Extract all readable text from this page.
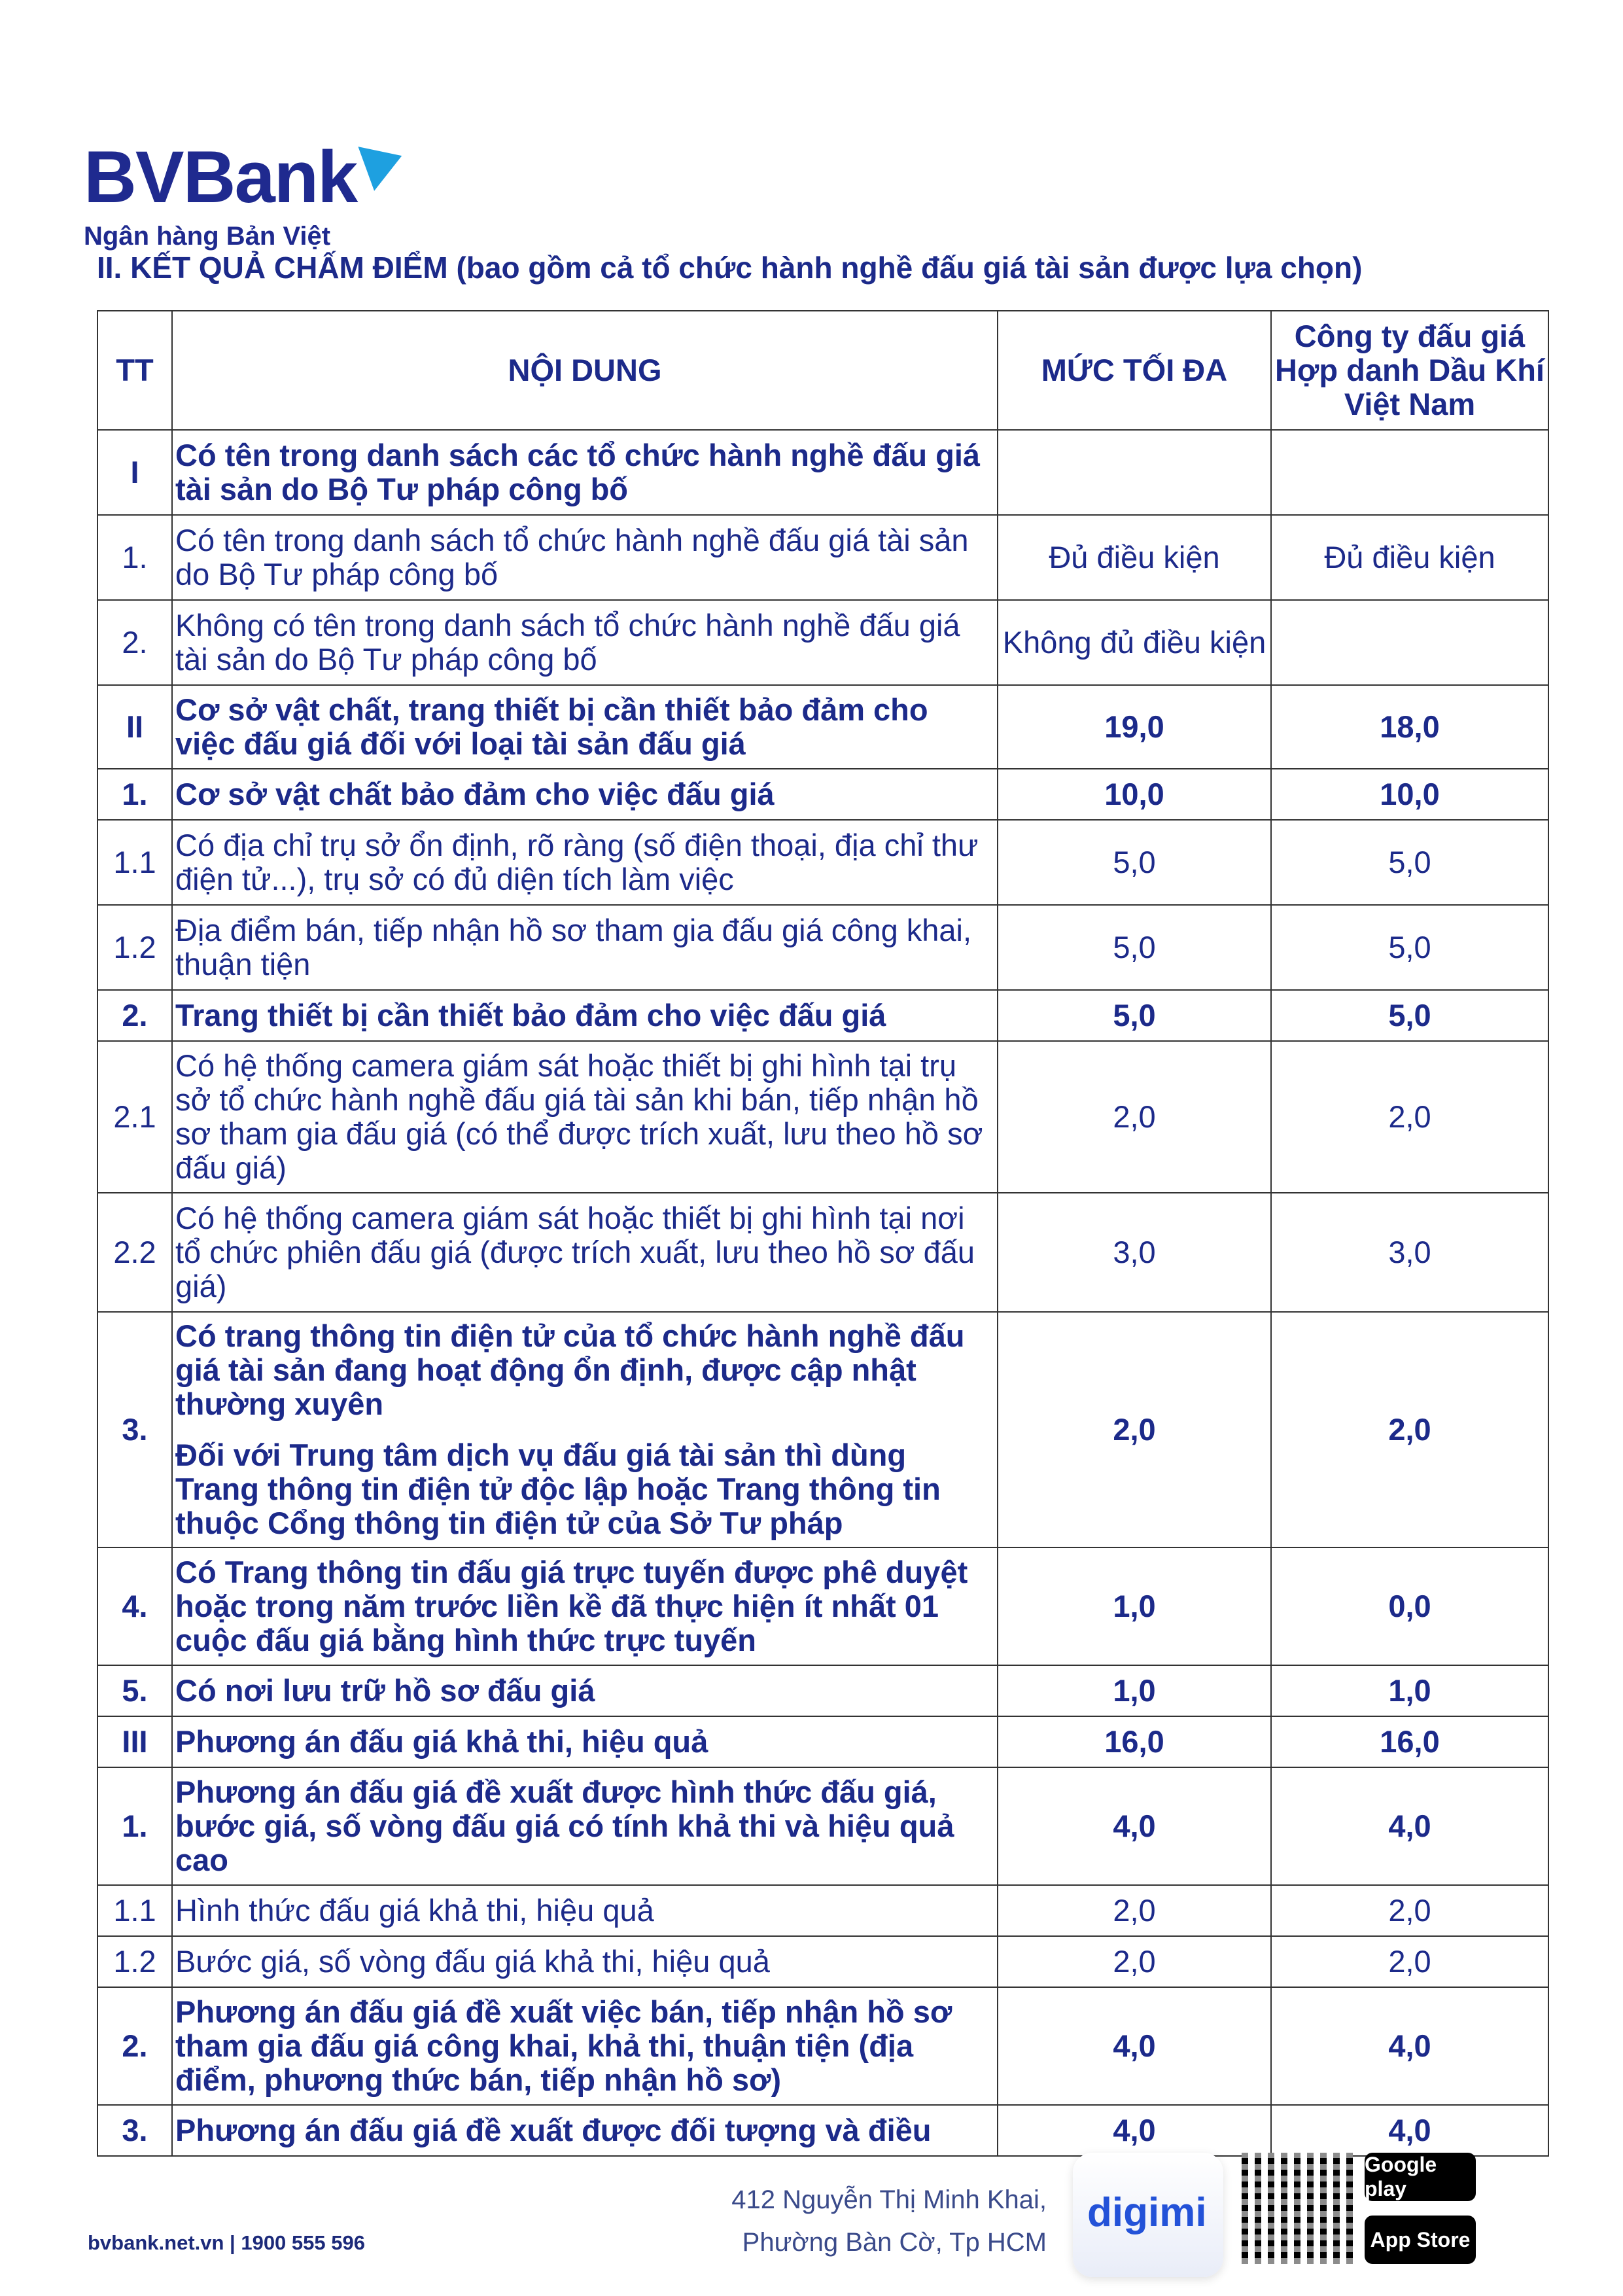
BVBank
Ngân hàng Bản Việt
II. KẾT QUẢ CHẤM ĐIỂM (bao gồm cả tổ chức hành nghề đấu giá tài sản được lựa chọn)
TT	NỘI DUNG	MỨC TỐI ĐA	Công ty đấu giá Hợp danh Dầu Khí Việt Nam
I	Có tên trong danh sách các tổ chức hành nghề đấu giá tài sản do Bộ Tư pháp công bố		

1.	Có tên trong danh sách tổ chức hành nghề đấu giá tài sản do Bộ Tư pháp công bố	Đủ điều kiện	Đủ điều kiện
2.	Không có tên trong danh sách tổ chức hành nghề đấu giá tài sản do Bộ Tư pháp công bố	Không đủ điều kiện	
II	Cơ sở vật chất, trang thiết bị cần thiết bảo đảm cho việc đấu giá đối với loại tài sản đấu giá	19,0	18,0
1.	Cơ sở vật chất bảo đảm cho việc đấu giá	10,0	10,0
1.1	Có địa chỉ trụ sở ổn định, rõ ràng (số điện thoại, địa chỉ thư điện tử...), trụ sở có đủ diện tích làm việc	5,0	5,0
1.2	Địa điểm bán, tiếp nhận hồ sơ tham gia đấu giá công khai, thuận tiện	5,0	5,0
2.	Trang thiết bị cần thiết bảo đảm cho việc đấu giá	5,0	5,0
2.1	Có hệ thống camera giám sát hoặc thiết bị ghi hình tại trụ sở tổ chức hành nghề đấu giá tài sản khi bán, tiếp nhận hồ sơ tham gia đấu giá (có thể được trích xuất, lưu theo hồ sơ đấu giá)	2,0	2,0
2.2	Có hệ thống camera giám sát hoặc thiết bị ghi hình tại nơi tổ chức phiên đấu giá (được trích xuất, lưu theo hồ sơ đấu giá)	3,0	3,0
3.	Có trang thông tin điện tử của tổ chức hành nghề đấu giá tài sản đang hoạt động ổn định, được cập nhật thường xuyên
Đối với Trung tâm dịch vụ đấu giá tài sản thì dùng Trang thông tin điện tử độc lập hoặc Trang thông tin thuộc Cổng thông tin điện tử của Sở Tư pháp	2,0	2,0
4.	Có Trang thông tin đấu giá trực tuyến được phê duyệt hoặc trong năm trước liền kề đã thực hiện ít nhất 01 cuộc đấu giá bằng hình thức trực tuyến	1,0	0,0
5.	Có nơi lưu trữ hồ sơ đấu giá	1,0	1,0
III	Phương án đấu giá khả thi, hiệu quả	16,0	16,0
1.	Phương án đấu giá đề xuất được hình thức đấu giá, bước giá, số vòng đấu giá có tính khả thi và hiệu quả cao	4,0	4,0
1.1	Hình thức đấu giá khả thi, hiệu quả	2,0	2,0
1.2	Bước giá, số vòng đấu giá khả thi, hiệu quả	2,0	2,0
2.	Phương án đấu giá đề xuất việc bán, tiếp nhận hồ sơ tham gia đấu giá công khai, khả thi, thuận tiện (địa điểm, phương thức bán, tiếp nhận hồ sơ)	4,0	4,0
3.	Phương án đấu giá đề xuất được đối tượng và điều	4,0	4,0
bvbank.net.vn | 1900 555 596
412 Nguyễn Thị Minh Khai,
Phường Bàn Cờ, Tp HCM
digimi
Google play
App Store
